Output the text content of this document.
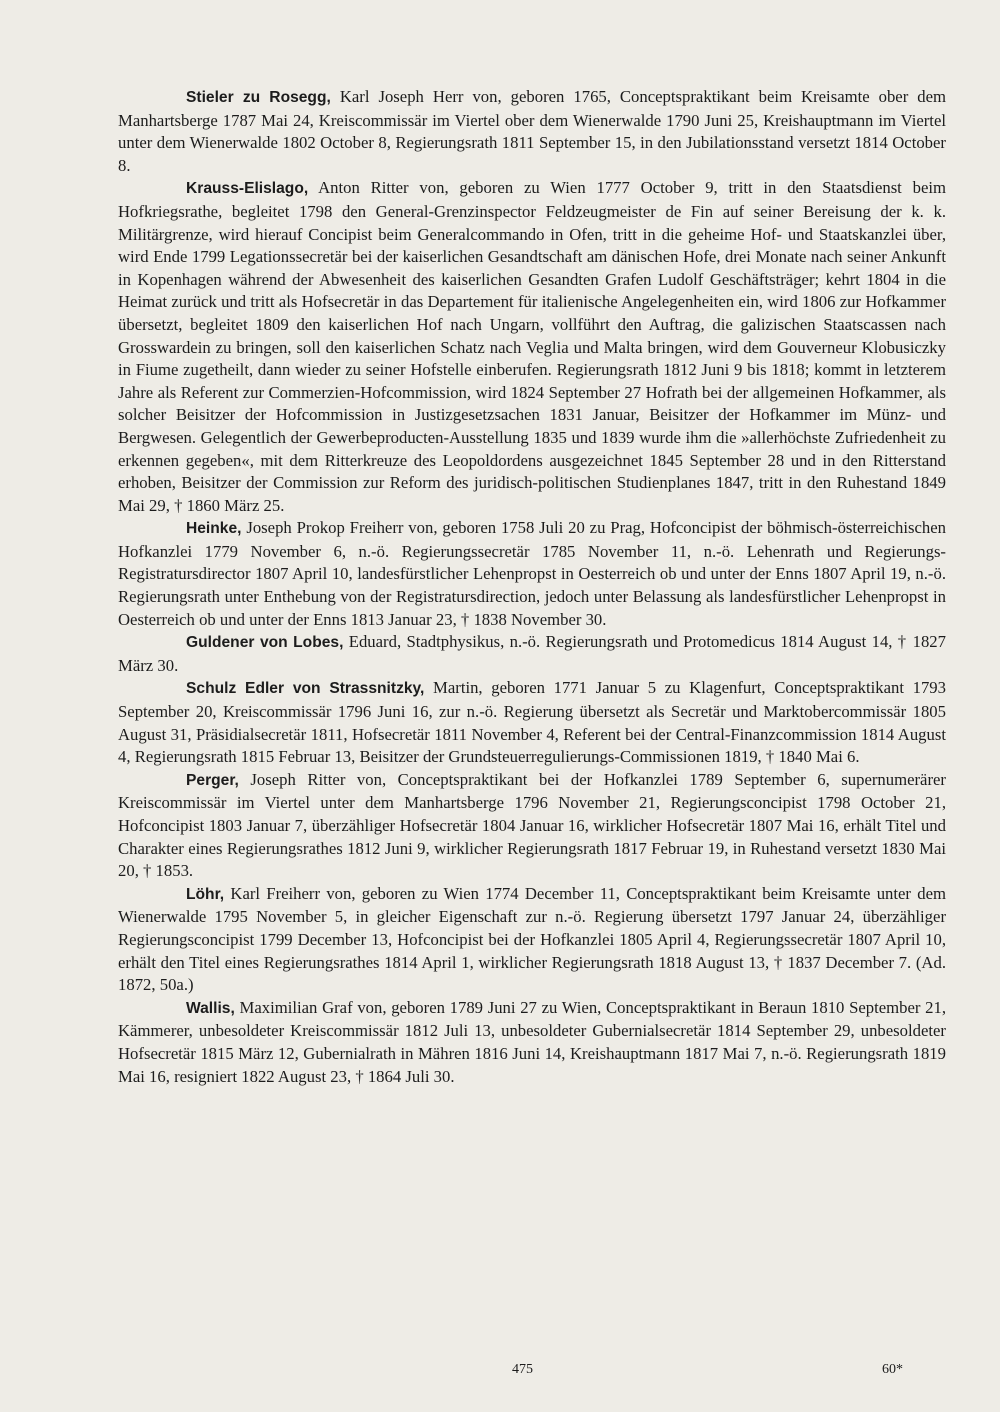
Stieler zu Rosegg, Karl Joseph Herr von, geboren 1765, Conceptspraktikant beim Kreisamte ober dem Manhartsberge 1787 Mai 24, Kreiscommissär im Viertel ober dem Wienerwalde 1790 Juni 25, Kreishauptmann im Viertel unter dem Wienerwalde 1802 October 8, Regierungsrath 1811 September 15, in den Jubilationsstand versetzt 1814 October 8.

Krauss-Elislago, Anton Ritter von, geboren zu Wien 1777 October 9, tritt in den Staatsdienst beim Hofkriegsrathe, begleitet 1798 den General-Grenzinspector Feldzeugmeister de Fin auf seiner Bereisung der k. k. Militärgrenze, wird hierauf Concipist beim Generalcommando in Ofen, tritt in die geheime Hof- und Staatskanzlei über, wird Ende 1799 Legationssecretär bei der kaiserlichen Gesandtschaft am dänischen Hofe, drei Monate nach seiner Ankunft in Kopenhagen während der Abwesenheit des kaiserlichen Gesandten Grafen Ludolf Geschäftsträger; kehrt 1804 in die Heimat zurück und tritt als Hofsecretär in das Departement für italienische Angelegenheiten ein, wird 1806 zur Hofkammer übersetzt, begleitet 1809 den kaiserlichen Hof nach Ungarn, vollführt den Auftrag, die galizischen Staatscassen nach Grosswardein zu bringen, soll den kaiserlichen Schatz nach Veglia und Malta bringen, wird dem Gouverneur Klobusiczky in Fiume zugetheilt, dann wieder zu seiner Hofstelle einberufen. Regierungsrath 1812 Juni 9 bis 1818; kommt in letzterem Jahre als Referent zur Commerzien-Hofcommission, wird 1824 September 27 Hofrath bei der allgemeinen Hofkammer, als solcher Beisitzer der Hofcommission in Justizgesetzsachen 1831 Januar, Beisitzer der Hofkammer im Münz- und Bergwesen. Gelegentlich der Gewerbeproducten-Ausstellung 1835 und 1839 wurde ihm die »allerhöchste Zufriedenheit zu erkennen gegeben«, mit dem Ritterkreuze des Leopoldordens ausgezeichnet 1845 September 28 und in den Ritterstand erhoben, Beisitzer der Commission zur Reform des juridisch-politischen Studienplanes 1847, tritt in den Ruhestand 1849 Mai 29, † 1860 März 25.

Heinke, Joseph Prokop Freiherr von, geboren 1758 Juli 20 zu Prag, Hofconcipist der böhmisch-österreichischen Hofkanzlei 1779 November 6, n.-ö. Regierungssecretär 1785 November 11, n.-ö. Lehenrath und Regierungs-Registratursdirector 1807 April 10, landesfürstlicher Lehenpropst in Oesterreich ob und unter der Enns 1807 April 19, n.-ö. Regierungsrath unter Enthebung von der Registratursdirection, jedoch unter Belassung als landesfürstlicher Lehenpropst in Oesterreich ob und unter der Enns 1813 Januar 23, † 1838 November 30.

Guldener von Lobes, Eduard, Stadtphysikus, n.-ö. Regierungsrath und Protomedicus 1814 August 14, † 1827 März 30.

Schulz Edler von Strassnitzky, Martin, geboren 1771 Januar 5 zu Klagenfurt, Conceptspraktikant 1793 September 20, Kreiscommissär 1796 Juni 16, zur n.-ö. Regierung übersetzt als Secretär und Marktobercommissär 1805 August 31, Präsidialsecretär 1811, Hofsecretär 1811 November 4, Referent bei der Central-Finanzcommission 1814 August 4, Regierungsrath 1815 Februar 13, Beisitzer der Grundsteuerregulierungs-Commissionen 1819, † 1840 Mai 6.

Perger, Joseph Ritter von, Conceptspraktikant bei der Hofkanzlei 1789 September 6, supernumerärer Kreiscommissär im Viertel unter dem Manhartsberge 1796 November 21, Regierungsconcipist 1798 October 21, Hofconcipist 1803 Januar 7, überzähliger Hofsecretär 1804 Januar 16, wirklicher Hofsecretär 1807 Mai 16, erhält Titel und Charakter eines Regierungsrathes 1812 Juni 9, wirklicher Regierungsrath 1817 Februar 19, in Ruhestand versetzt 1830 Mai 20, † 1853.

Löhr, Karl Freiherr von, geboren zu Wien 1774 December 11, Conceptspraktikant beim Kreisamte unter dem Wienerwalde 1795 November 5, in gleicher Eigenschaft zur n.-ö. Regierung übersetzt 1797 Januar 24, überzähliger Regierungsconcipist 1799 December 13, Hofconcipist bei der Hofkanzlei 1805 April 4, Regierungssecretär 1807 April 10, erhält den Titel eines Regierungsrathes 1814 April 1, wirklicher Regierungsrath 1818 August 13, † 1837 December 7. (Ad. 1872, 50a.)

Wallis, Maximilian Graf von, geboren 1789 Juni 27 zu Wien, Conceptspraktikant in Beraun 1810 September 21, Kämmerer, unbesoldeter Kreiscommissär 1812 Juli 13, unbesoldeter Gubernialsecretär 1814 September 29, unbesoldeter Hofsecretär 1815 März 12, Gubernialrath in Mähren 1816 Juni 14, Kreishauptmann 1817 Mai 7, n.-ö. Regierungsrath 1819 Mai 16, resigniert 1822 August 23, † 1864 Juli 30.

475	60*
